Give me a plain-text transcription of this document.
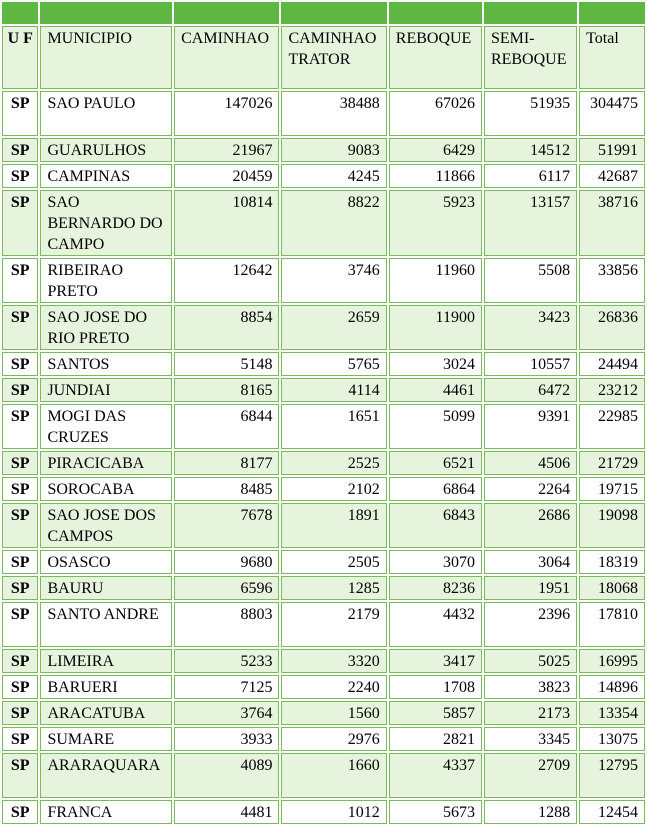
U F	MUNICIPIO	CAMINHAO	CAMINHAO TRATOR	REBOQUE	SEMI-REBOQUE	Total
SP	SAO PAULO	147026	38488	67026	51935	304475
SP	GUARULHOS	21967	9083	6429	14512	51991
SP	CAMPINAS	20459	4245	11866	6117	42687
SP	SAO BERNARDO DO CAMPO	10814	8822	5923	13157	38716
SP	RIBEIRAO PRETO	12642	3746	11960	5508	33856
SP	SAO JOSE DO RIO PRETO	8854	2659	11900	3423	26836
SP	SANTOS	5148	5765	3024	10557	24494
SP	JUNDIAI	8165	4114	4461	6472	23212
SP	MOGI DAS CRUZES	6844	1651	5099	9391	22985
SP	PIRACICABA	8177	2525	6521	4506	21729
SP	SOROCABA	8485	2102	6864	2264	19715
SP	SAO JOSE DOS CAMPOS	7678	1891	6843	2686	19098
SP	OSASCO	9680	2505	3070	3064	18319
SP	BAURU	6596	1285	8236	1951	18068
SP	SANTO ANDRE	8803	2179	4432	2396	17810
SP	LIMEIRA	5233	3320	3417	5025	16995
SP	BARUERI	7125	2240	1708	3823	14896
SP	ARACATUBA	3764	1560	5857	2173	13354
SP	SUMARE	3933	2976	2821	3345	13075
SP	ARARAQUARA	4089	1660	4337	2709	12795
SP	FRANCA	4481	1012	5673	1288	12454
